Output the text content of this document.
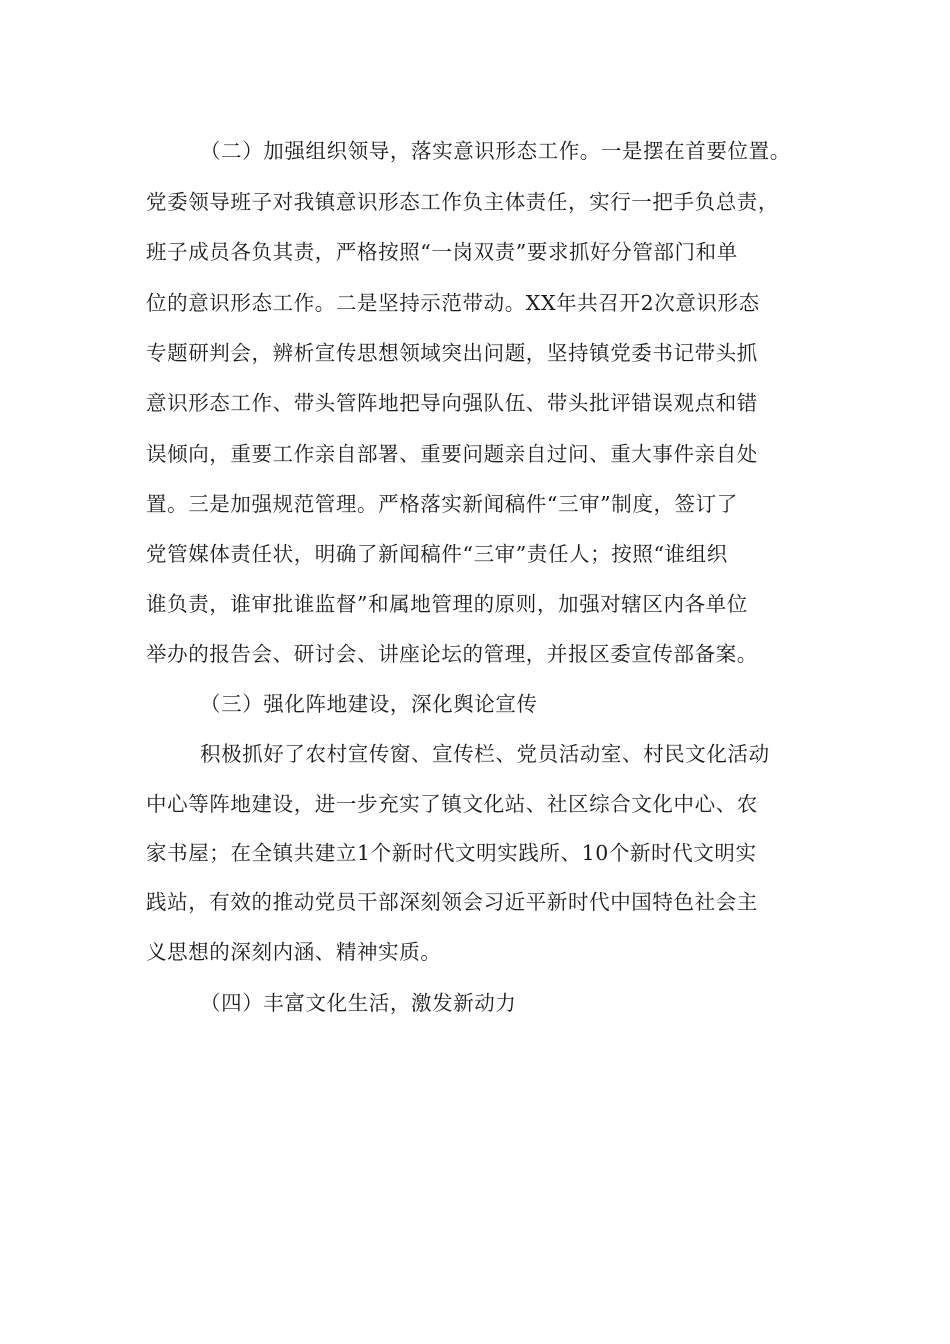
（二）加强组织领导，落实意识形态工作。一是摆在首要位置。
党委领导班子对我镇意识形态工作负主体责任，实行一把手负总责，
班子成员各负其责，严格按照“一岗双责”要求抓好分管部门和单
位的意识形态工作。二是坚持示范带动。XX年共召开2次意识形态
专题研判会，辨析宣传思想领域突出问题，坚持镇党委书记带头抓
意识形态工作、带头管阵地把导向强队伍、带头批评错误观点和错
误倾向，重要工作亲自部署、重要问题亲自过问、重大事件亲自处
置。三是加强规范管理。严格落实新闻稿件“三审”制度，签订了
党管媒体责任状，明确了新闻稿件“三审”责任人；按照“谁组织
谁负责，谁审批谁监督”和属地管理的原则，加强对辖区内各单位
举办的报告会、研讨会、讲座论坛的管理，并报区委宣传部备案。
（三）强化阵地建设，深化舆论宣传
积极抓好了农村宣传窗、宣传栏、党员活动室、村民文化活动
中心等阵地建设，进一步充实了镇文化站、社区综合文化中心、农
家书屋；在全镇共建立1个新时代文明实践所、10个新时代文明实
践站，有效的推动党员干部深刻领会习近平新时代中国特色社会主
义思想的深刻内涵、精神实质。
（四）丰富文化生活，激发新动力
